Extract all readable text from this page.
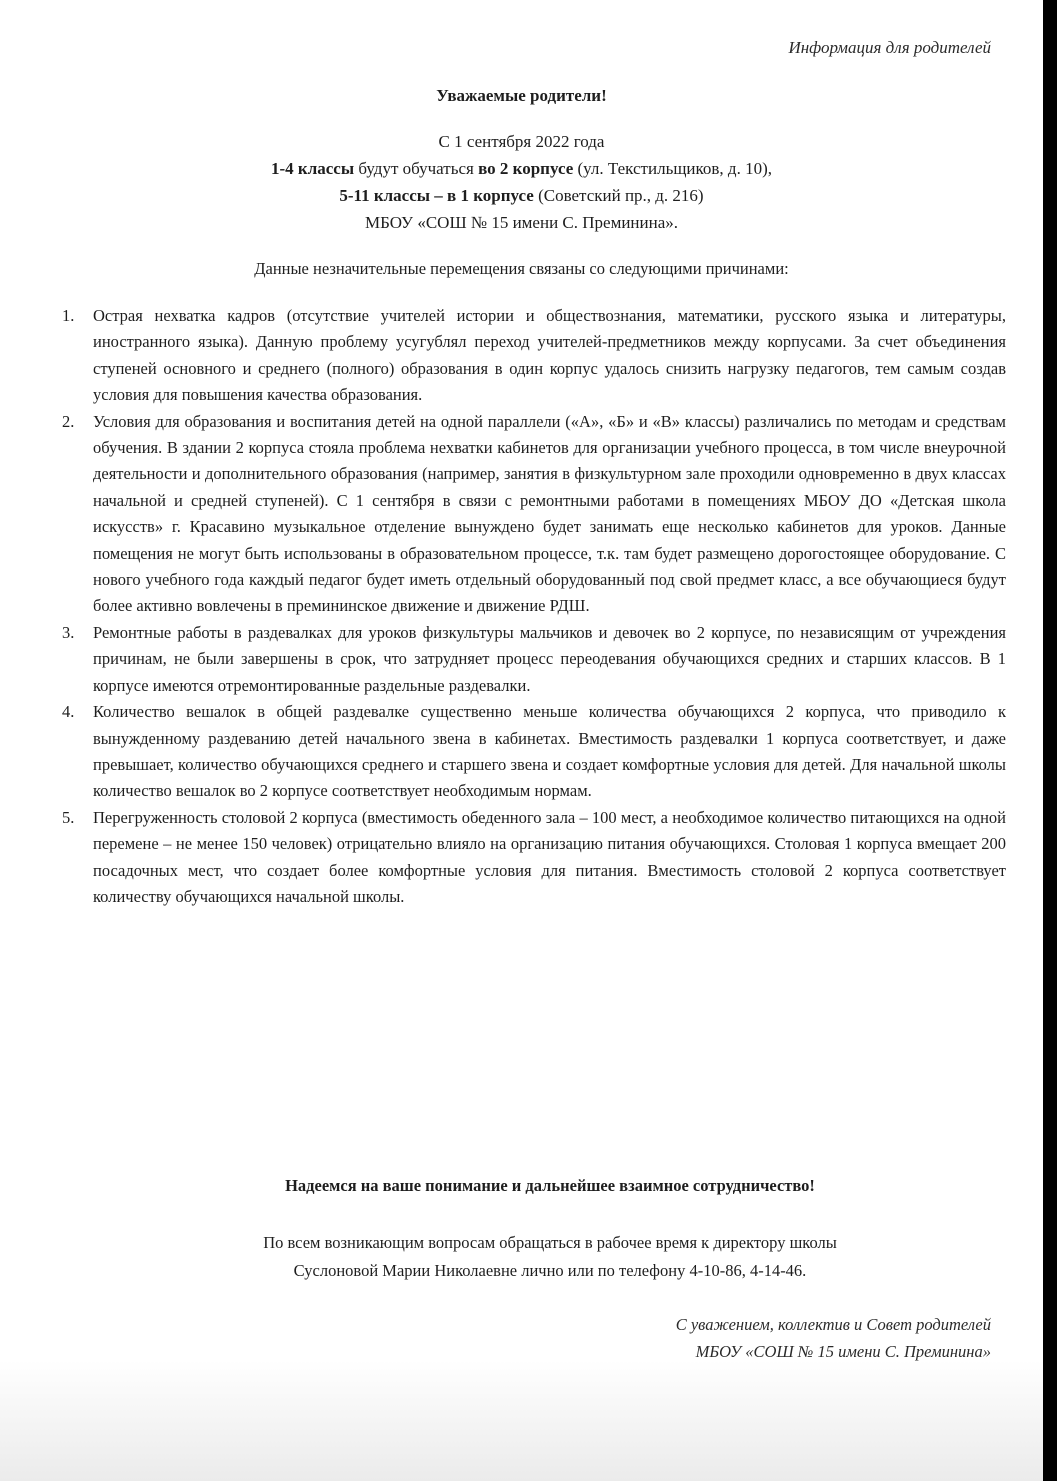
Информация для родителей
Уважаемые родители!
С 1 сентября 2022 года
1-4 классы будут обучаться во 2 корпусе (ул. Текстильщиков, д. 10),
5-11 классы – в 1 корпусе (Советский пр., д. 216)
МБОУ «СОШ № 15 имени С. Преминина».
Данные незначительные перемещения связаны со следующими причинами:
1. Острая нехватка кадров (отсутствие учителей истории и обществознания, математики, русского языка и литературы, иностранного языка). Данную проблему усугублял переход учителей-предметников между корпусами. За счет объединения ступеней основного и среднего (полного) образования в один корпус удалось снизить нагрузку педагогов, тем самым создав условия для повышения качества образования.
2. Условия для образования и воспитания детей на одной параллели («А», «Б» и «В» классы) различались по методам и средствам обучения. В здании 2 корпуса стояла проблема нехватки кабинетов для организации учебного процесса, в том числе внеурочной деятельности и дополнительного образования (например, занятия в физкультурном зале проходили одновременно в двух классах начальной и средней ступеней). С 1 сентября в связи с ремонтными работами в помещениях МБОУ ДО «Детская школа искусств» г. Красавино музыкальное отделение вынуждено будет занимать еще несколько кабинетов для уроков. Данные помещения не могут быть использованы в образовательном процессе, т.к. там будет размещено дорогостоящее оборудование. С нового учебного года каждый педагог будет иметь отдельный оборудованный под свой предмет класс, а все обучающиеся будут более активно вовлечены в премининское движение и движение РДШ.
3. Ремонтные работы в раздевалках для уроков физкультуры мальчиков и девочек во 2 корпусе, по независящим от учреждения причинам, не были завершены в срок, что затрудняет процесс переодевания обучающихся средних и старших классов. В 1 корпусе имеются отремонтированные раздельные раздевалки.
4. Количество вешалок в общей раздевалке существенно меньше количества обучающихся 2 корпуса, что приводило к вынужденному раздеванию детей начального звена в кабинетах. Вместимость раздевалки 1 корпуса соответствует, и даже превышает, количество обучающихся среднего и старшего звена и создает комфортные условия для детей. Для начальной школы количество вешалок во 2 корпусе соответствует необходимым нормам.
5. Перегруженность столовой 2 корпуса (вместимость обеденного зала – 100 мест, а необходимое количество питающихся на одной перемене – не менее 150 человек) отрицательно влияло на организацию питания обучающихся. Столовая 1 корпуса вмещает 200 посадочных мест, что создает более комфортные условия для питания. Вместимость столовой 2 корпуса соответствует количеству обучающихся начальной школы.
Надеемся на ваше понимание и дальнейшее взаимное сотрудничество!
По всем возникающим вопросам обращаться в рабочее время к директору школы
Суслоновой Марии Николаевне лично или по телефону 4-10-86, 4-14-46.
С уважением, коллектив и Совет родителей
МБОУ «СОШ № 15 имени С. Преминина»
